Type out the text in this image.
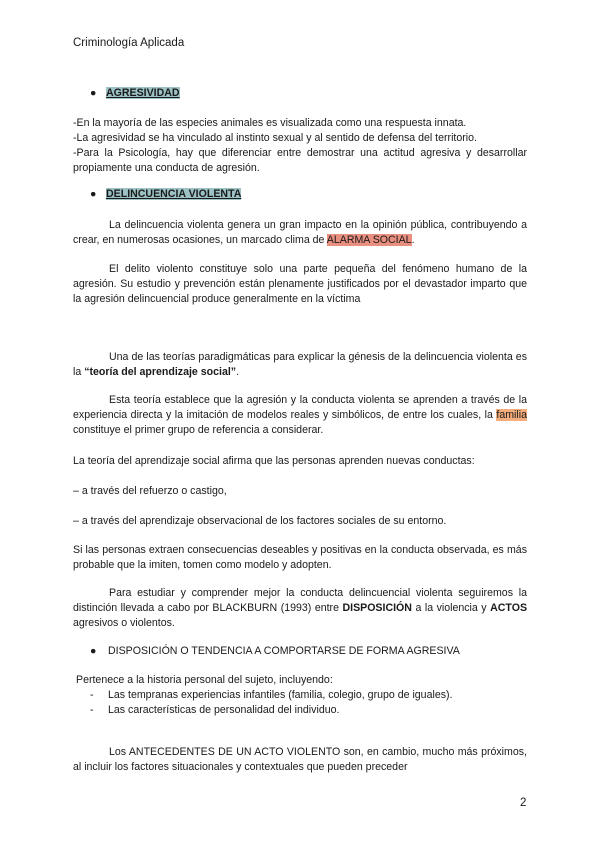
Criminología Aplicada
● AGRESIVIDAD
-En la mayoría de las especies animales es visualizada como una respuesta innata.
-La agresividad se ha vinculado al instinto sexual y al sentido de defensa del territorio.
-Para la Psicología, hay que diferenciar entre demostrar una actitud agresiva y desarrollar
propiamente una conducta de agresión.
● DELINCUENCIA VIOLENTA
La delincuencia violenta genera un gran impacto en la opinión pública, contribuyendo a crear, en numerosas ocasiones, un marcado clima de ALARMA SOCIAL.
El delito violento constituye solo una parte pequeña del fenómeno humano de la agresión. Su estudio y prevención están plenamente justificados por el devastador imparto que la agresión delincuencial produce generalmente en la víctima
Una de las teorías paradigmáticas para explicar la génesis de la delincuencia violenta es la “teoría del aprendizaje social”.
Esta teoría establece que la agresión y la conducta violenta se aprenden a través de la experiencia directa y la imitación de modelos reales y simbólicos, de entre los cuales, la familia constituye el primer grupo de referencia a considerar.
La teoría del aprendizaje social afirma que las personas aprenden nuevas conductas:
– a través del refuerzo o castigo,
– a través del aprendizaje observacional de los factores sociales de su entorno.
Si las personas extraen consecuencias deseables y positivas en la conducta observada, es más probable que la imiten, tomen como modelo y adopten.
Para estudiar y comprender mejor la conducta delincuencial violenta seguiremos la distinción llevada a cabo por BLACKBURN (1993) entre DISPOSICIÓN a la violencia y ACTOS agresivos o violentos.
● DISPOSICIÓN O TENDENCIA A COMPORTARSE DE FORMA AGRESIVA
Pertenece a la historia personal del sujeto, incluyendo:
- Las tempranas experiencias infantiles (familia, colegio, grupo de iguales).
- Las características de personalidad del individuo.
Los ANTECEDENTES DE UN ACTO VIOLENTO son, en cambio, mucho más próximos, al incluir los factores situacionales y contextuales que pueden preceder
2
